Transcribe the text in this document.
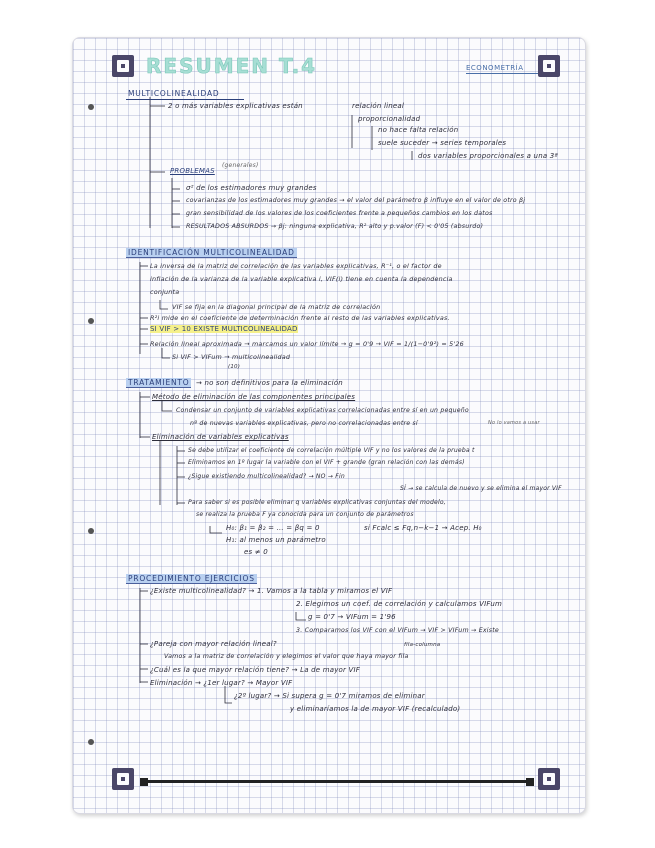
RESUMEN T.4	ECONOMETRÍA
MULTICOLINEALIDAD
2 o más variables explicativas están	relación lineal
proporcionalidad
no hace falta relación
suele suceder → series temporales
dos variables proporcionales a una 3ª
PROBLEMAS
(generales)
σ² de los estimadores muy grandes
covarianzas de los estimadores muy grandes → el valor del parámetro β influye en el valor de otro βj
gran sensibilidad de los valores de los coeficientes frente a pequeños cambios en los datos
RESULTADOS ABSURDOS → βj: ninguna explicativa, R² alto y p.valor (F) < 0'05 (absurdo)
IDENTIFICACIÓN MULTICOLINEALIDAD
La inversa de la matriz de correlación de las variables explicativas, R⁻¹, o el factor de
inflación de la varianza de la variable explicativa i, VIF(i) tiene en cuenta la dependencia
conjunta
VIF se fija en la diagonal principal de la matriz de correlación
R²i mide en el coeficiente de determinación frente al resto de las variables explicativas.
SI VIF > 10 EXISTE MULTICOLINEALIDAD
Relación lineal aproximada → marcamos un valor límite → g = 0'9 → VIF = 1/(1−0'9²) = 5'26
Si VIF > VIFum → multicolinealidad
(10)
TRATAMIENTO → no son definitivos para la eliminación
Método de eliminación de las componentes principales
Condensar un conjunto de variables explicativas correlacionadas entre sí en un pequeño
nº de nuevas variables explicativas, pero no correlacionadas entre sí	No lo vamos a usar
Eliminación de variables explicativas
Se debe utilizar el coeficiente de correlación múltiple VIF y no los valores de la prueba t
Eliminamos en 1º lugar la variable con el VIF + grande (gran relación con las demás)
¿Sigue existiendo multicolinealidad? → NO → Fin
SÍ → se calcula de nuevo y se elimina el mayor VIF
Para saber si es posible eliminar q variables explicativas conjuntas del modelo,
se realiza la prueba F ya conocida para un conjunto de parámetros
H₀: β₁ = β₂ = … = βq = 0	si Fcalc ≤ Fq,n−k−1 → Acep. H₀
H₁: al menos un parámetro
es ≠ 0
PROCEDIMIENTO EJERCICIOS
¿Existe multicolinealidad? → 1. Vamos a la tabla y miramos el VIF
2. Elegimos un coef. de correlación y calculamos VIFum
g = 0'7 → VIFum = 1'96
3. Comparamos los VIF con el VIFum → VIF > VIFum → Existe
¿Pareja con mayor relación lineal?	fila-columna
Vamos a la matriz de correlación y elegimos el valor que haya mayor fila
¿Cuál es la que mayor relación tiene? → La de mayor VIF
Eliminación → ¿1er lugar? → Mayor VIF
¿2º lugar? → Si supera g = 0'7 miramos de eliminar
y eliminaríamos la de mayor VIF (recalculado)
